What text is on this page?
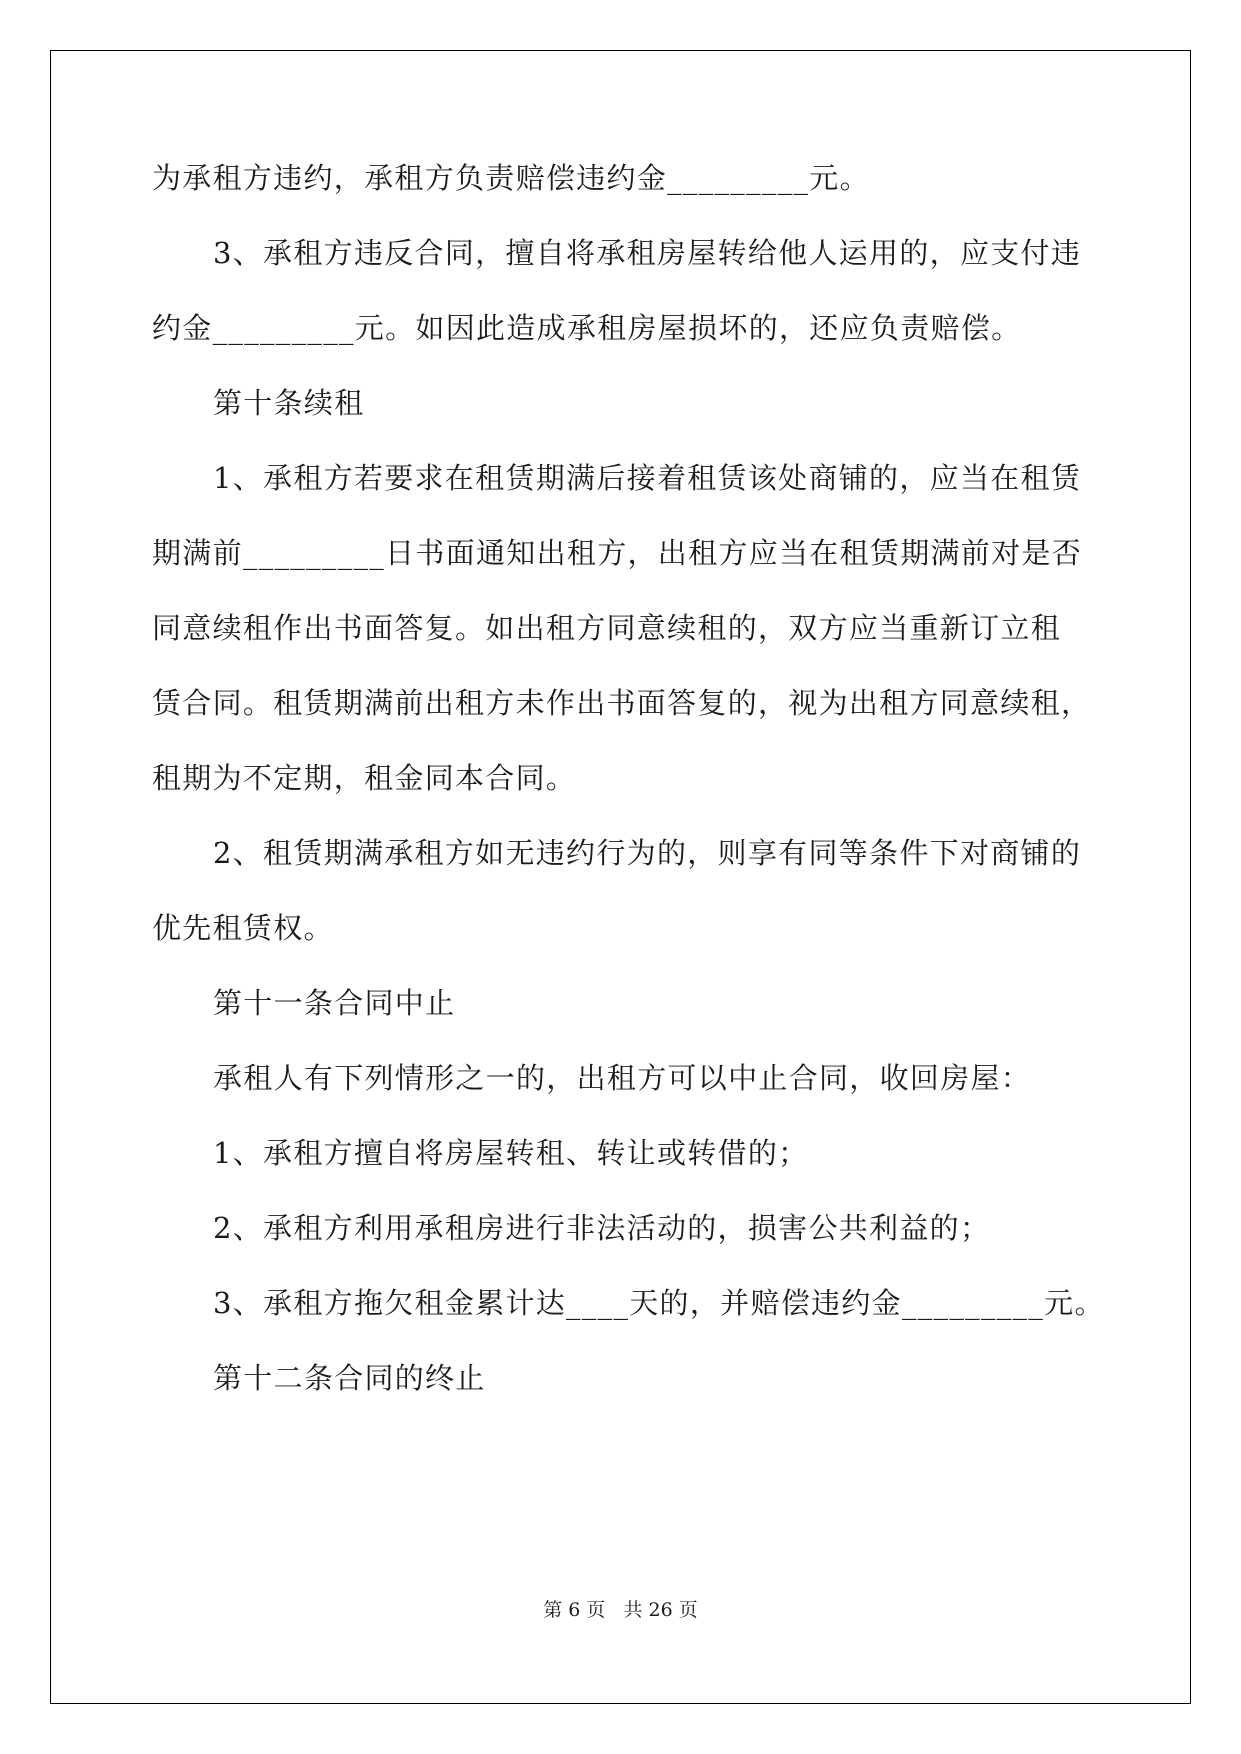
为承租方违约，承租方负责赔偿违约金_________元。
3、承租方违反合同，擅自将承租房屋转给他人运用的，应支付违
约金_________元。如因此造成承租房屋损坏的，还应负责赔偿。
第十条续租
1、承租方若要求在租赁期满后接着租赁该处商铺的，应当在租赁
期满前_________日书面通知出租方，出租方应当在租赁期满前对是否
同意续租作出书面答复。如出租方同意续租的，双方应当重新订立租
赁合同。租赁期满前出租方未作出书面答复的，视为出租方同意续租，
租期为不定期，租金同本合同。
2、租赁期满承租方如无违约行为的，则享有同等条件下对商铺的
优先租赁权。
第十一条合同中止
承租人有下列情形之一的，出租方可以中止合同，收回房屋：
1、承租方擅自将房屋转租、转让或转借的；
2、承租方利用承租房进行非法活动的，损害公共利益的；
3、承租方拖欠租金累计达____天的，并赔偿违约金_________元。
第十二条合同的终止
第 6 页   共 26 页
